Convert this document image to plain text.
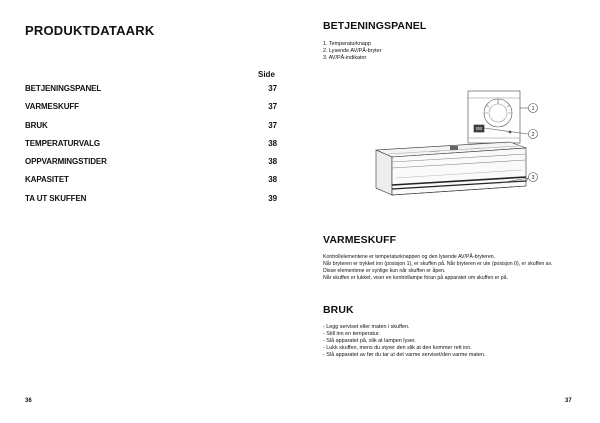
PRODUKTDATAARK
Side
BETJENINGSPANEL	37
VARMESKUFF	37
BRUK	37
TEMPERATURVALG	38
OPPVARMINGSTIDER	38
KAPASITET	38
TA UT SKUFFEN	39
36
BETJENINGSPANEL
1. Temperaturknapp
2. Lysende AV/PÅ-bryter
3. AV/PÅ-indikator
1
2
3
VARMESKUFF
Kontrollelementene er temperaturknappen og den lysende AV/PÅ-bryteren.
Når bryteren er trykket inn (posisjon 1), er skuffen på. Når bryteren er ute (posisjon 0), er skuffen av.
Disse elementene er synlige kun når skuffen er åpen.
Når skuffen er lukket, viser en kontrollampe foran på apparatet om skuffen er på.
BRUK
- Legg serviset eller maten i skuffen.
- Still inn en temperatur.
- Slå apparatet på, slik at lampen lyser.
- Lukk skuffen, mens du styrer den slik at den kommer rett inn.
- Slå apparatet av før du tar ut det varme serviset/den varme maten.
37
